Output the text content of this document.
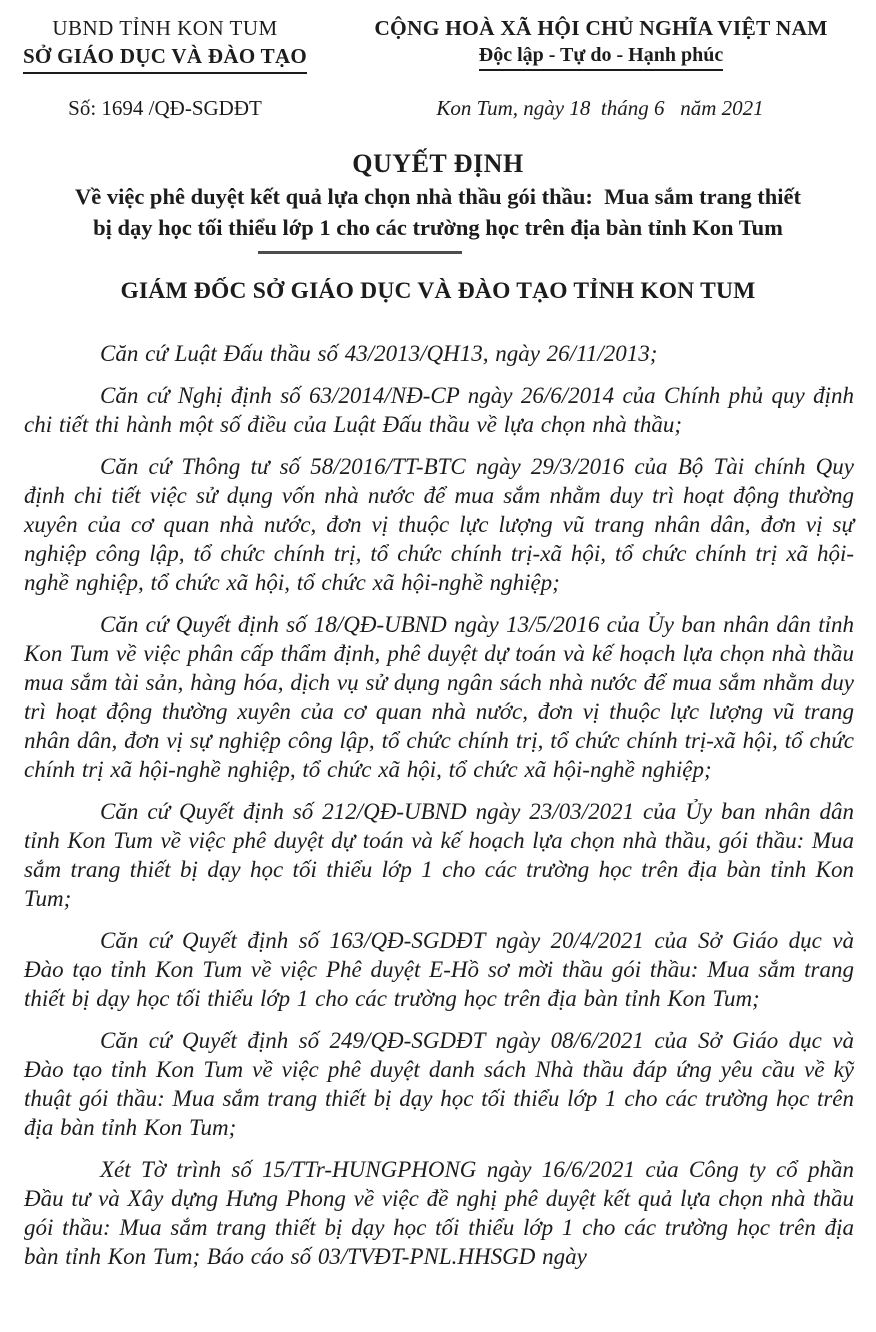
UBND TỈNH KON TUM
SỞ GIÁO DỤC VÀ ĐÀO TẠO
CỘNG HOÀ XÃ HỘI CHỦ NGHĨA VIỆT NAM
Độc lập - Tự do - Hạnh phúc
Số: 1694 /QĐ-SGDĐT	Kon Tum, ngày 18  tháng 6   năm 2021
QUYẾT ĐỊNH
Về việc phê duyệt kết quả lựa chọn nhà thầu gói thầu:  Mua sắm trang thiết
bị dạy học tối thiểu lớp 1 cho các trường học trên địa bàn tỉnh Kon Tum
GIÁM ĐỐC SỞ GIÁO DỤC VÀ ĐÀO TẠO TỈNH KON TUM

Căn cứ Luật Đấu thầu số 43/2013/QH13, ngày 26/11/2013;

Căn cứ Nghị định số 63/2014/NĐ-CP ngày 26/6/2014 của Chính phủ quy định chi tiết thi hành một số điều của Luật Đấu thầu về lựa chọn nhà thầu;

Căn cứ Thông tư số 58/2016/TT-BTC ngày 29/3/2016 của Bộ Tài chính Quy định chi tiết việc sử dụng vốn nhà nước để mua sắm nhằm duy trì hoạt động thường xuyên của cơ quan nhà nước, đơn vị thuộc lực lượng vũ trang nhân dân, đơn vị sự nghiệp công lập, tổ chức chính trị, tổ chức chính trị-xã hội, tổ chức chính trị xã hội-nghề nghiệp, tổ chức xã hội, tổ chức xã hội-nghề nghiệp;

Căn cứ Quyết định số 18/QĐ-UBND ngày 13/5/2016 của Ủy ban nhân dân tỉnh Kon Tum về việc phân cấp thẩm định, phê duyệt dự toán và kế hoạch lựa chọn nhà thầu mua sắm tài sản, hàng hóa, dịch vụ sử dụng ngân sách nhà nước để mua sắm nhằm duy trì hoạt động thường xuyên của cơ quan nhà nước, đơn vị thuộc lực lượng vũ trang nhân dân, đơn vị sự nghiệp công lập, tổ chức chính trị, tổ chức chính trị-xã hội, tổ chức chính trị xã hội-nghề nghiệp, tổ chức xã hội, tổ chức xã hội-nghề nghiệp;

Căn cứ Quyết định số 212/QĐ-UBND ngày 23/03/2021 của Ủy ban nhân dân tỉnh Kon Tum về việc phê duyệt dự toán và kế hoạch lựa chọn nhà thầu, gói thầu: Mua sắm trang thiết bị dạy học tối thiểu lớp 1 cho các trường học trên địa bàn tỉnh Kon Tum;

Căn cứ Quyết định số 163/QĐ-SGDĐT ngày 20/4/2021 của Sở Giáo dục và Đào tạo tỉnh Kon Tum về việc Phê duyệt E-Hồ sơ mời thầu gói thầu: Mua sắm trang thiết bị dạy học tối thiểu lớp 1 cho các trường học trên địa bàn tỉnh Kon Tum;

Căn cứ Quyết định số 249/QĐ-SGDĐT ngày 08/6/2021 của Sở Giáo dục và Đào tạo tỉnh Kon Tum về việc phê duyệt danh sách Nhà thầu đáp ứng yêu cầu về kỹ thuật gói thầu: Mua sắm trang thiết bị dạy học tối thiểu lớp 1 cho các trường học trên địa bàn tỉnh Kon Tum;

Xét Tờ trình số 15/TTr-HUNGPHONG ngày 16/6/2021 của Công ty cổ phần Đầu tư và Xây dựng Hưng Phong về việc đề nghị phê duyệt kết quả lựa chọn nhà thầu gói thầu: Mua sắm trang thiết bị dạy học tối thiểu lớp 1 cho các trường học trên địa bàn tỉnh Kon Tum; Báo cáo số 03/TVĐT-PNL.HHSGD ngày
